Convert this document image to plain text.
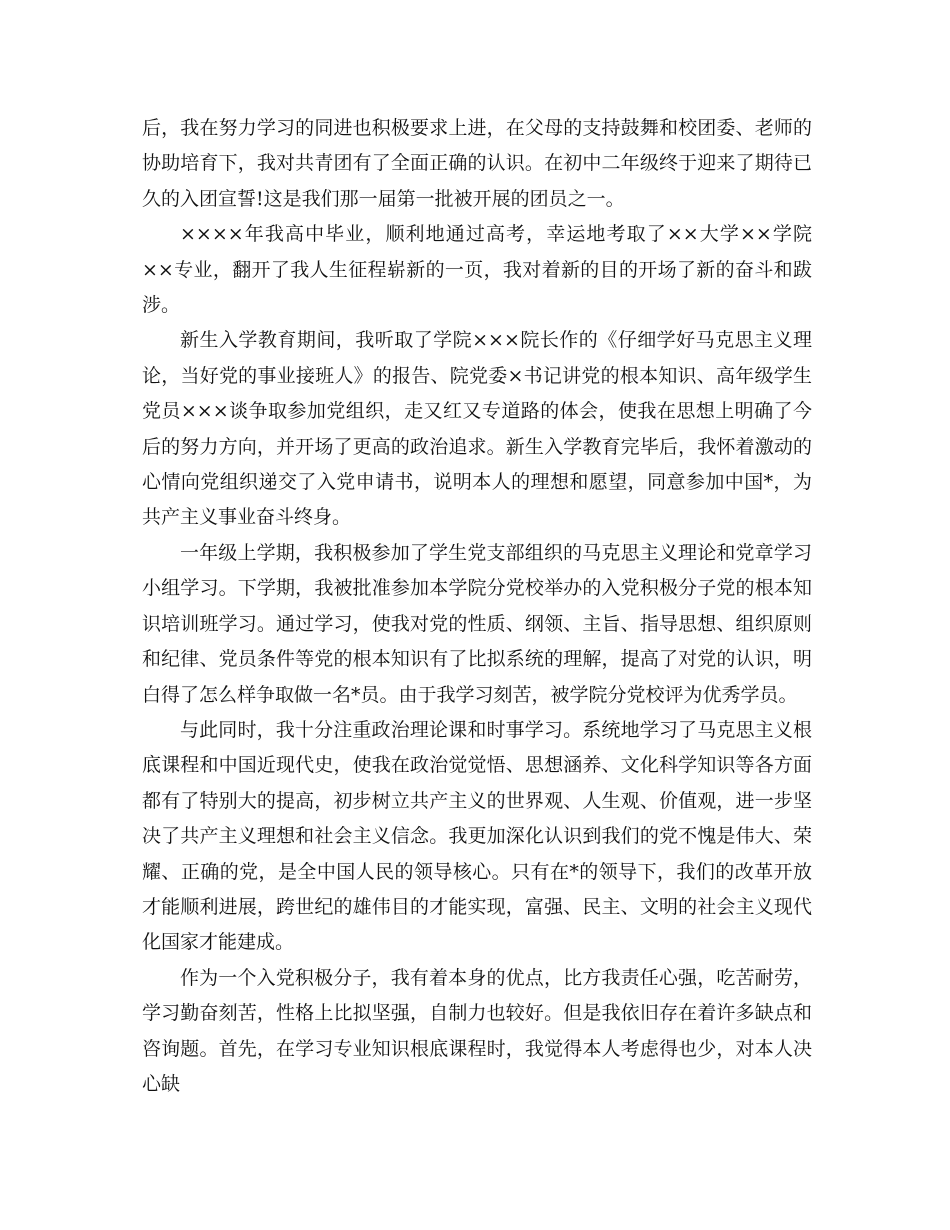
后，我在努力学习的同进也积极要求上进，在父母的支持鼓舞和校团委、老师的协助培育下，我对共青团有了全面正确的认识。在初中二年级终于迎来了期待已久的入团宣誓!这是我们那一届第一批被开展的团员之一。

××××年我高中毕业，顺利地通过高考，幸运地考取了××大学××学院××专业，翻开了我人生征程崭新的一页，我对着新的目的开场了新的奋斗和跋涉。

新生入学教育期间，我听取了学院×××院长作的《仔细学好马克思主义理论，当好党的事业接班人》的报告、院党委×书记讲党的根本知识、高年级学生党员×××谈争取参加党组织，走又红又专道路的体会，使我在思想上明确了今后的努力方向，并开场了更高的政治追求。新生入学教育完毕后，我怀着激动的心情向党组织递交了入党申请书，说明本人的理想和愿望，同意参加中国*，为共产主义事业奋斗终身。

一年级上学期，我积极参加了学生党支部组织的马克思主义理论和党章学习小组学习。下学期，我被批准参加本学院分党校举办的入党积极分子党的根本知识培训班学习。通过学习，使我对党的性质、纲领、主旨、指导思想、组织原则和纪律、党员条件等党的根本知识有了比拟系统的理解，提高了对党的认识，明白得了怎么样争取做一名*员。由于我学习刻苦，被学院分党校评为优秀学员。

与此同时，我十分注重政治理论课和时事学习。系统地学习了马克思主义根底课程和中国近现代史，使我在政治觉觉悟、思想涵养、文化科学知识等各方面都有了特别大的提高，初步树立共产主义的世界观、人生观、价值观，进一步坚决了共产主义理想和社会主义信念。我更加深化认识到我们的党不愧是伟大、荣耀、正确的党，是全中国人民的领导核心。只有在*的领导下，我们的改革开放才能顺利进展，跨世纪的雄伟目的才能实现，富强、民主、文明的社会主义现代化国家才能建成。

作为一个入党积极分子，我有着本身的优点，比方我责任心强，吃苦耐劳，学习勤奋刻苦，性格上比拟坚强，自制力也较好。但是我依旧存在着许多缺点和咨询题。首先，在学习专业知识根底课程时，我觉得本人考虑得也少，对本人决心缺
